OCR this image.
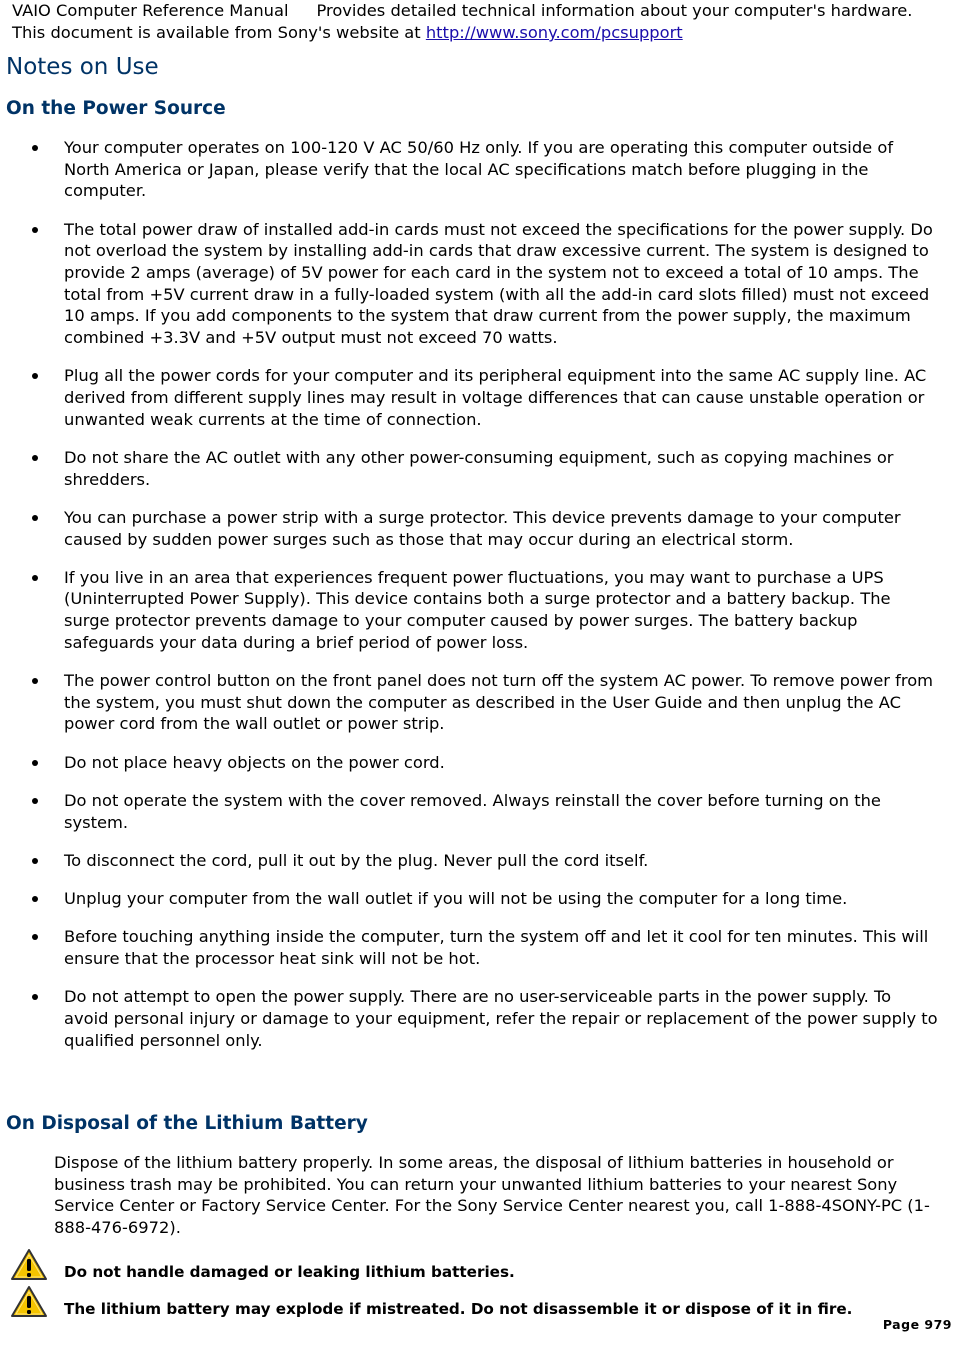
VAIO Computer Reference Manual Provides detailed technical information about your computer's hardware. This document is available from Sony's website at http://www.sony.com/pcsupport
Notes on Use
On the Power Source
Your computer operates on 100-120 V AC 50/60 Hz only. If you are operating this computer outside of North America or Japan, please verify that the local AC specifications match before plugging in the computer.
The total power draw of installed add-in cards must not exceed the specifications for the power supply. Do not overload the system by installing add-in cards that draw excessive current. The system is designed to provide 2 amps (average) of 5V power for each card in the system not to exceed a total of 10 amps. The total from +5V current draw in a fully-loaded system (with all the add-in card slots filled) must not exceed 10 amps. If you add components to the system that draw current from the power supply, the maximum combined +3.3V and +5V output must not exceed 70 watts.
Plug all the power cords for your computer and its peripheral equipment into the same AC supply line. AC derived from different supply lines may result in voltage differences that can cause unstable operation or unwanted weak currents at the time of connection.
Do not share the AC outlet with any other power-consuming equipment, such as copying machines or shredders.
You can purchase a power strip with a surge protector. This device prevents damage to your computer caused by sudden power surges such as those that may occur during an electrical storm.
If you live in an area that experiences frequent power fluctuations, you may want to purchase a UPS (Uninterrupted Power Supply). This device contains both a surge protector and a battery backup. The surge protector prevents damage to your computer caused by power surges. The battery backup safeguards your data during a brief period of power loss.
The power control button on the front panel does not turn off the system AC power. To remove power from the system, you must shut down the computer as described in the User Guide and then unplug the AC power cord from the wall outlet or power strip.
Do not place heavy objects on the power cord.
Do not operate the system with the cover removed. Always reinstall the cover before turning on the system.
To disconnect the cord, pull it out by the plug. Never pull the cord itself.
Unplug your computer from the wall outlet if you will not be using the computer for a long time.
Before touching anything inside the computer, turn the system off and let it cool for ten minutes. This will ensure that the processor heat sink will not be hot.
Do not attempt to open the power supply. There are no user-serviceable parts in the power supply. To avoid personal injury or damage to your equipment, refer the repair or replacement of the power supply to qualified personnel only.
On Disposal of the Lithium Battery
Dispose of the lithium battery properly. In some areas, the disposal of lithium batteries in household or business trash may be prohibited. You can return your unwanted lithium batteries to your nearest Sony Service Center or Factory Service Center. For the Sony Service Center nearest you, call 1-888-4SONY-PC (1-888-476-6972).
Do not handle damaged or leaking lithium batteries.
The lithium battery may explode if mistreated. Do not disassemble it or dispose of it in fire.
Page 979
